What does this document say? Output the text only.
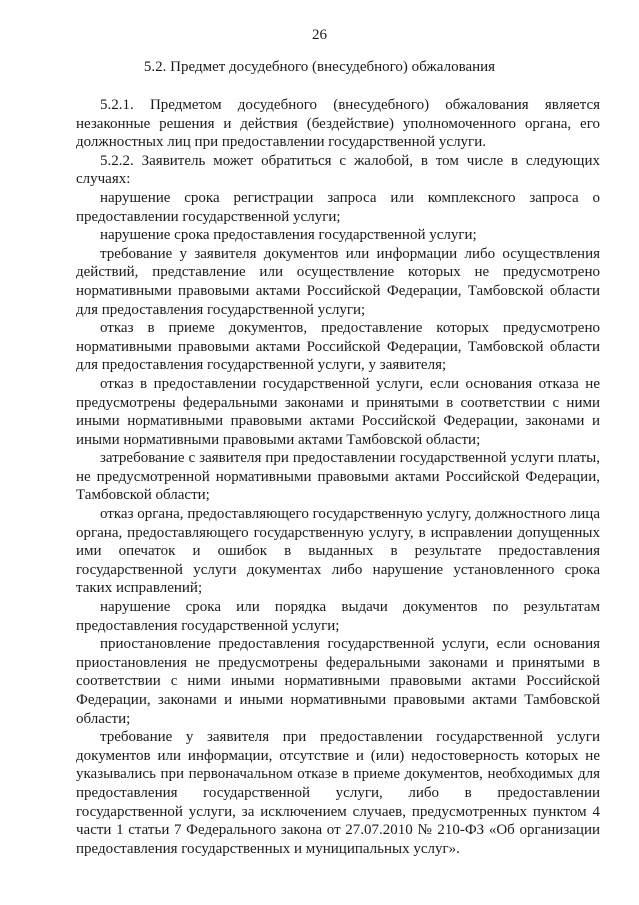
26
5.2. Предмет досудебного (внесудебного) обжалования

5.2.1. Предметом досудебного (внесудебного) обжалования является незаконные решения и действия (бездействие) уполномоченного органа, его должностных лиц при предоставлении государственной услуги.

5.2.2. Заявитель может обратиться с жалобой, в том числе в следующих случаях:

нарушение срока регистрации запроса или комплексного запроса о предоставлении государственной услуги;

нарушение срока предоставления государственной услуги;

требование у заявителя документов или информации либо осуществления действий, представление или осуществление которых не предусмотрено нормативными правовыми актами Российской Федерации, Тамбовской области для предоставления государственной услуги;

отказ в приеме документов, предоставление которых предусмотрено нормативными правовыми актами Российской Федерации, Тамбовской области для предоставления государственной услуги, у заявителя;

отказ в предоставлении государственной услуги, если основания отказа не предусмотрены федеральными законами и принятыми в соответствии с ними иными нормативными правовыми актами Российской Федерации, законами и иными нормативными правовыми актами Тамбовской области;

затребование с заявителя при предоставлении государственной услуги платы, не предусмотренной нормативными правовыми актами Российской Федерации, Тамбовской области;

отказ органа, предоставляющего государственную услугу, должностного лица органа, предоставляющего государственную услугу, в исправлении допущенных ими опечаток и ошибок в выданных в результате предоставления государственной услуги документах либо нарушение установленного срока таких исправлений;

нарушение срока или порядка выдачи документов по результатам предоставления государственной услуги;

приостановление предоставления государственной услуги, если основания приостановления не предусмотрены федеральными законами и принятыми в соответствии с ними иными нормативными правовыми актами Российской Федерации, законами и иными нормативными правовыми актами Тамбовской области;

требование у заявителя при предоставлении государственной услуги документов или информации, отсутствие и (или) недостоверность которых не указывались при первоначальном отказе в приеме документов, необходимых для предоставления государственной услуги, либо в предоставлении государственной услуги, за исключением случаев, предусмотренных пунктом 4 части 1 статьи 7 Федерального закона от 27.07.2010 № 210-ФЗ «Об организации предоставления государственных и муниципальных услуг».
